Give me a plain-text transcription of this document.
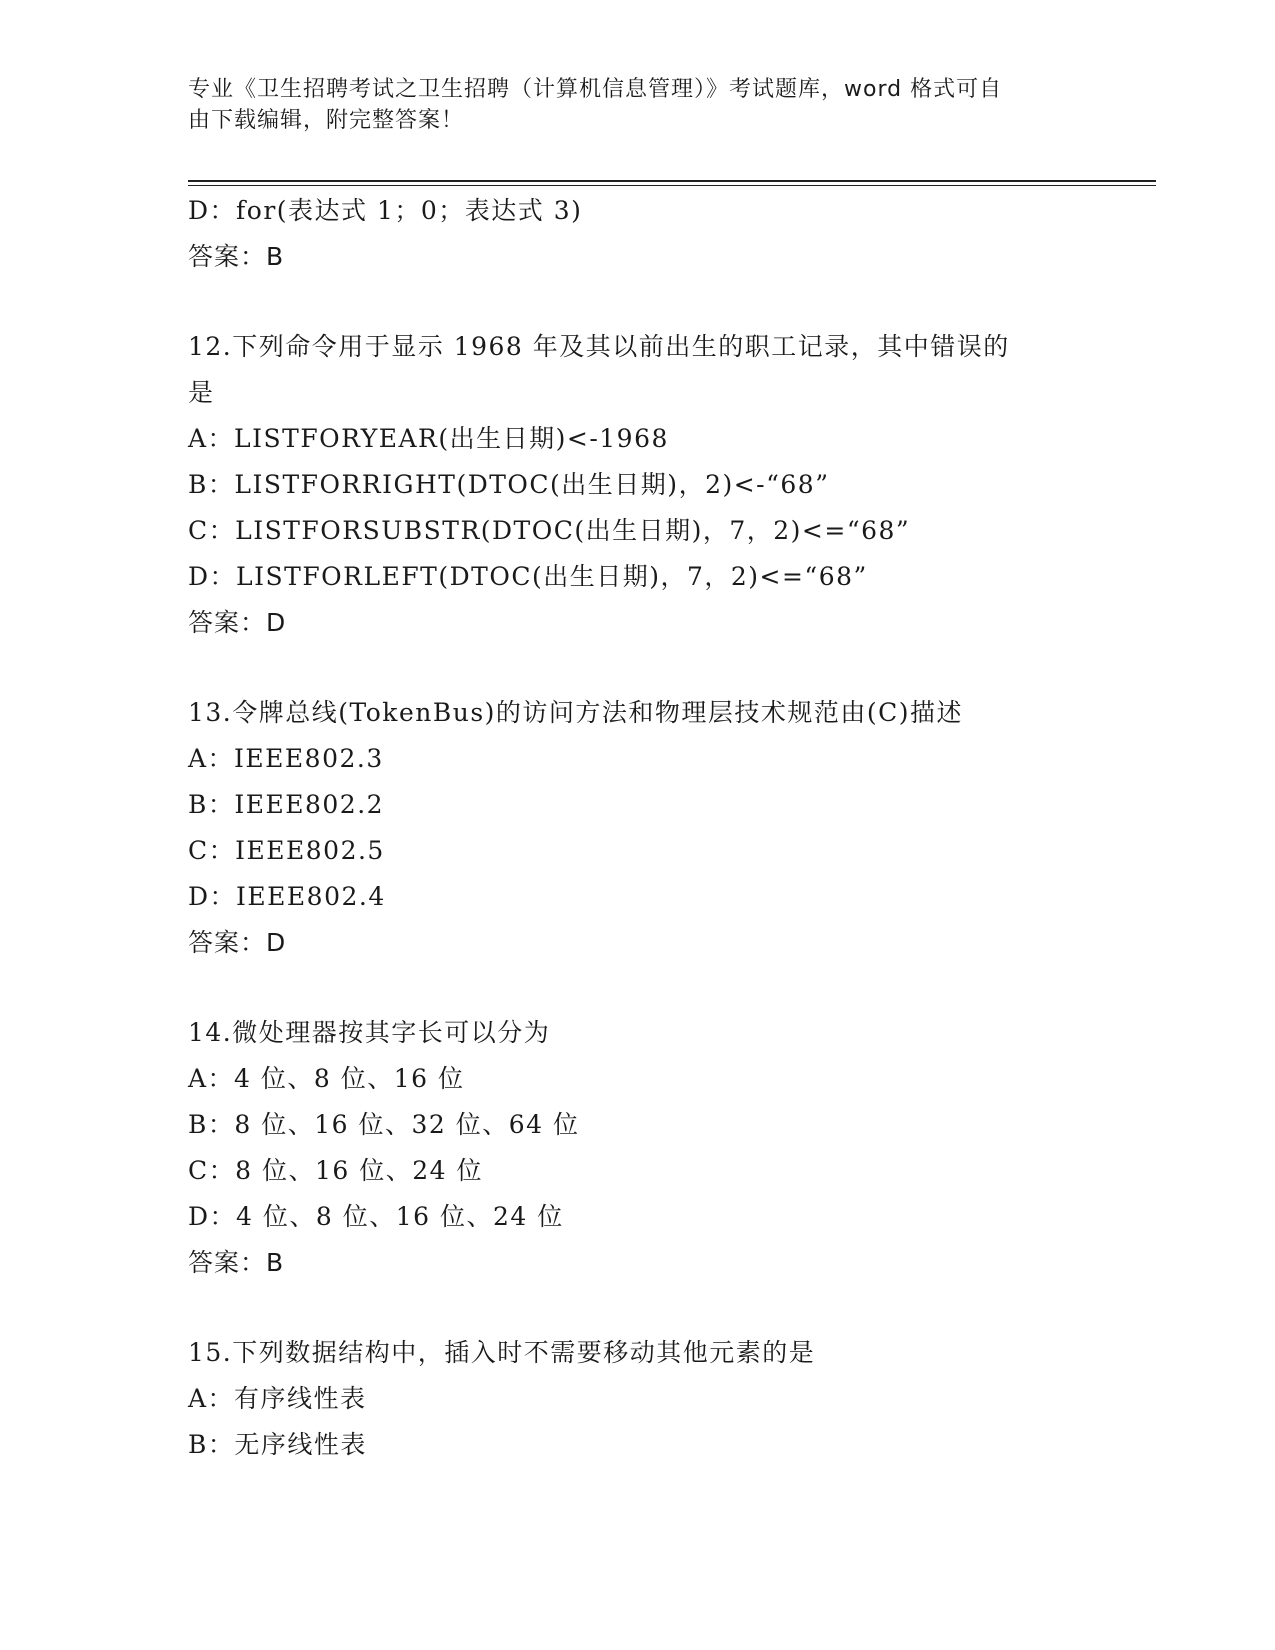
专业《卫生招聘考试之卫生招聘（计算机信息管理）》考试题库，word 格式可自
由下载编辑，附完整答案！
D：for(表达式 1；0；表达式 3)
答案：B
12.下列命令用于显示 1968 年及其以前出生的职工记录，其中错误的
是
A：LISTFORYEAR(出生日期)<-1968
B：LISTFORRIGHT(DTOC(出生日期)，2)<-“68”
C：LISTFORSUBSTR(DTOC(出生日期)，7，2)<=“68”
D：LISTFORLEFT(DTOC(出生日期)，7，2)<=“68”
答案：D
13.令牌总线(TokenBus)的访问方法和物理层技术规范由(C)描述
A：IEEE802.3
B：IEEE802.2
C：IEEE802.5
D：IEEE802.4
答案：D
14.微处理器按其字长可以分为
A：4 位、8 位、16 位
B：8 位、16 位、32 位、64 位
C：8 位、16 位、24 位
D：4 位、8 位、16 位、24 位
答案：B
15.下列数据结构中，插入时不需要移动其他元素的是
A：有序线性表
B：无序线性表
